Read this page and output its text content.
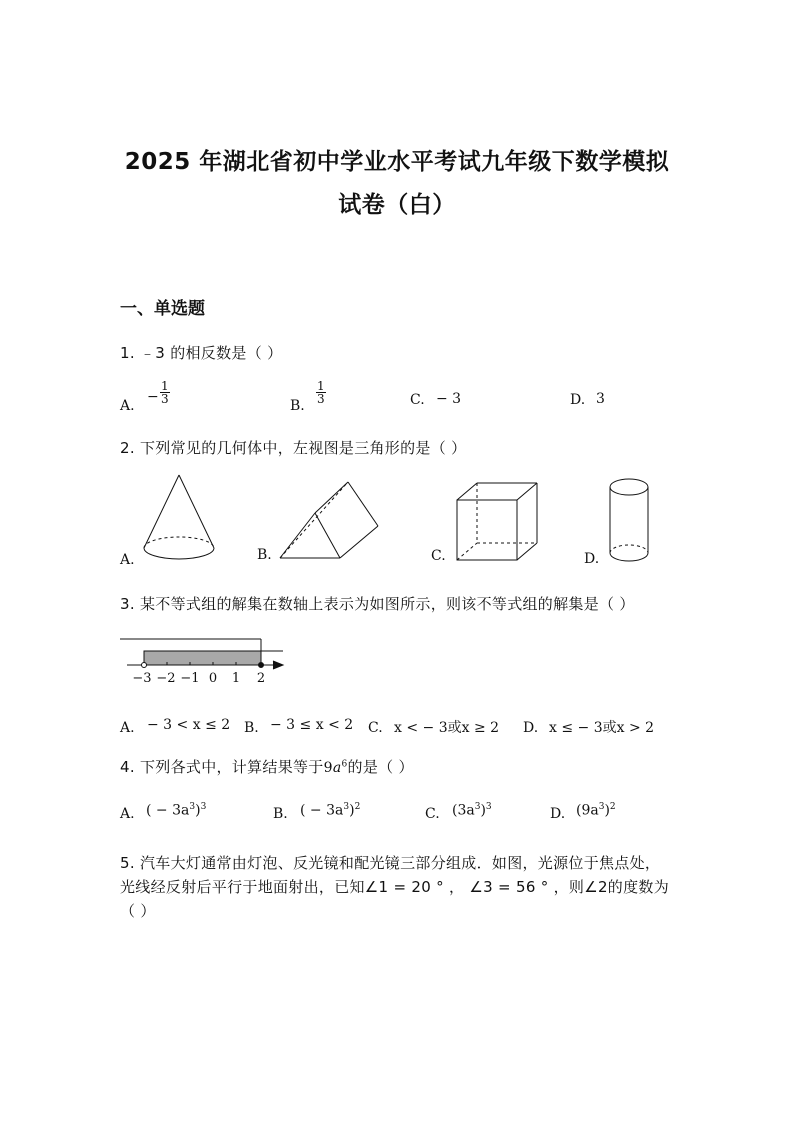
2025 年湖北省初中学业水平考试九年级下数学模拟
试卷（白）
一、单选题
1. ﹣3 的相反数是（ ）
A.
− $\frac{1}{3}$
B.
$\frac{1}{3}$	C. − 3	D. 3
2. 下列常见的几何体中，左视图是三角形的是（ ）
A.	B.	C.	D.
3. 某不等式组的解集在数轴上表示为如图所示，则该不等式组的解集是（ ）
−3 −2 −1 0 1 2
A. − 3 < x ≤ 2 B. − 3 ≤ x < 2 C. x < − 3或x ≥ 2 D. x ≤ − 3或x > 2
4. 下列各式中，计算结果等于$9a^6$的是（ ）
A. ( − $3a^3)^3$	B. ( − $3a^3)^2$	C. $(3a^3)^3$	D. $(9a^3)^2$
5. 汽车大灯通常由灯泡、反光镜和配光镜三部分组成．如图，光源位于焦点处，
光线经反射后平行于地面射出，已知∠1 = 20 ° ， ∠3 = 56 ° ，则∠2的度数为
（ ）
